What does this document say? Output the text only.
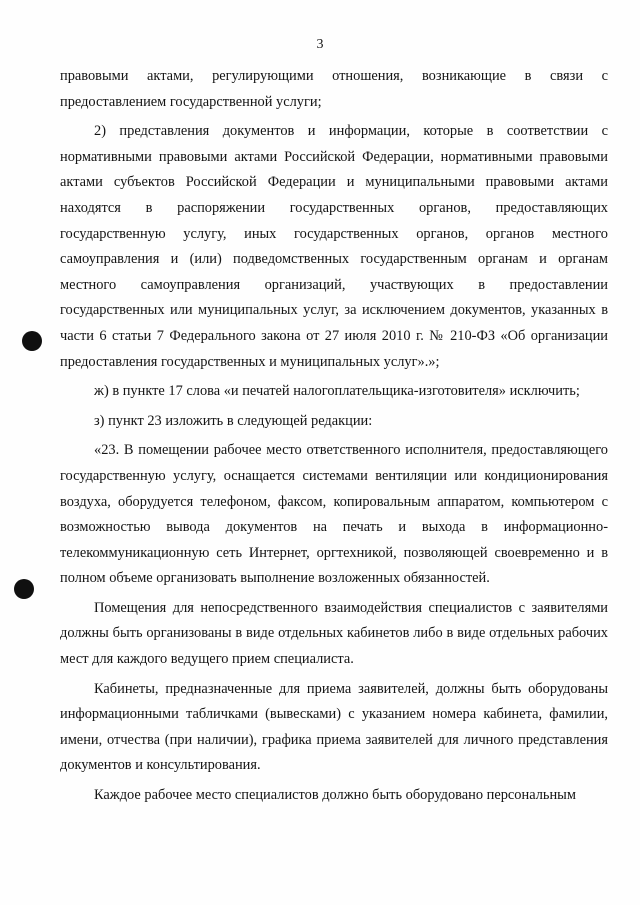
3

правовыми актами, регулирующими отношения, возникающие в связи с предоставлением государственной услуги;

2) представления документов и информации, которые в соответствии с нормативными правовыми актами Российской Федерации, нормативными правовыми актами субъектов Российской Федерации и муниципальными правовыми актами находятся в распоряжении государственных органов, предоставляющих государственную услугу, иных государственных органов, органов местного самоуправления и (или) подведомственных государственным органам и органам местного самоуправления организаций, участвующих в предоставлении государственных или муниципальных услуг, за исключением документов, указанных в части 6 статьи 7 Федерального закона от 27 июля 2010 г. № 210-ФЗ «Об организации предоставления государственных и муниципальных услуг».»;

ж) в пункте 17 слова «и печатей налогоплательщика-изготовителя» исключить;

з) пункт 23 изложить в следующей редакции:

«23. В помещении рабочее место ответственного исполнителя, предоставляющего государственную услугу, оснащается системами вентиляции или кондиционирования воздуха, оборудуется телефоном, факсом, копировальным аппаратом, компьютером с возможностью вывода документов на печать и выхода в информационно-телекоммуникационную сеть Интернет, оргтехникой, позволяющей своевременно и в полном объеме организовать выполнение возложенных обязанностей.

Помещения для непосредственного взаимодействия специалистов с заявителями должны быть организованы в виде отдельных кабинетов либо в виде отдельных рабочих мест для каждого ведущего прием специалиста.

Кабинеты, предназначенные для приема заявителей, должны быть оборудованы информационными табличками (вывесками) с указанием номера кабинета, фамилии, имени, отчества (при наличии), графика приема заявителей для личного представления документов и консультирования.

Каждое рабочее место специалистов должно быть оборудовано персональным
